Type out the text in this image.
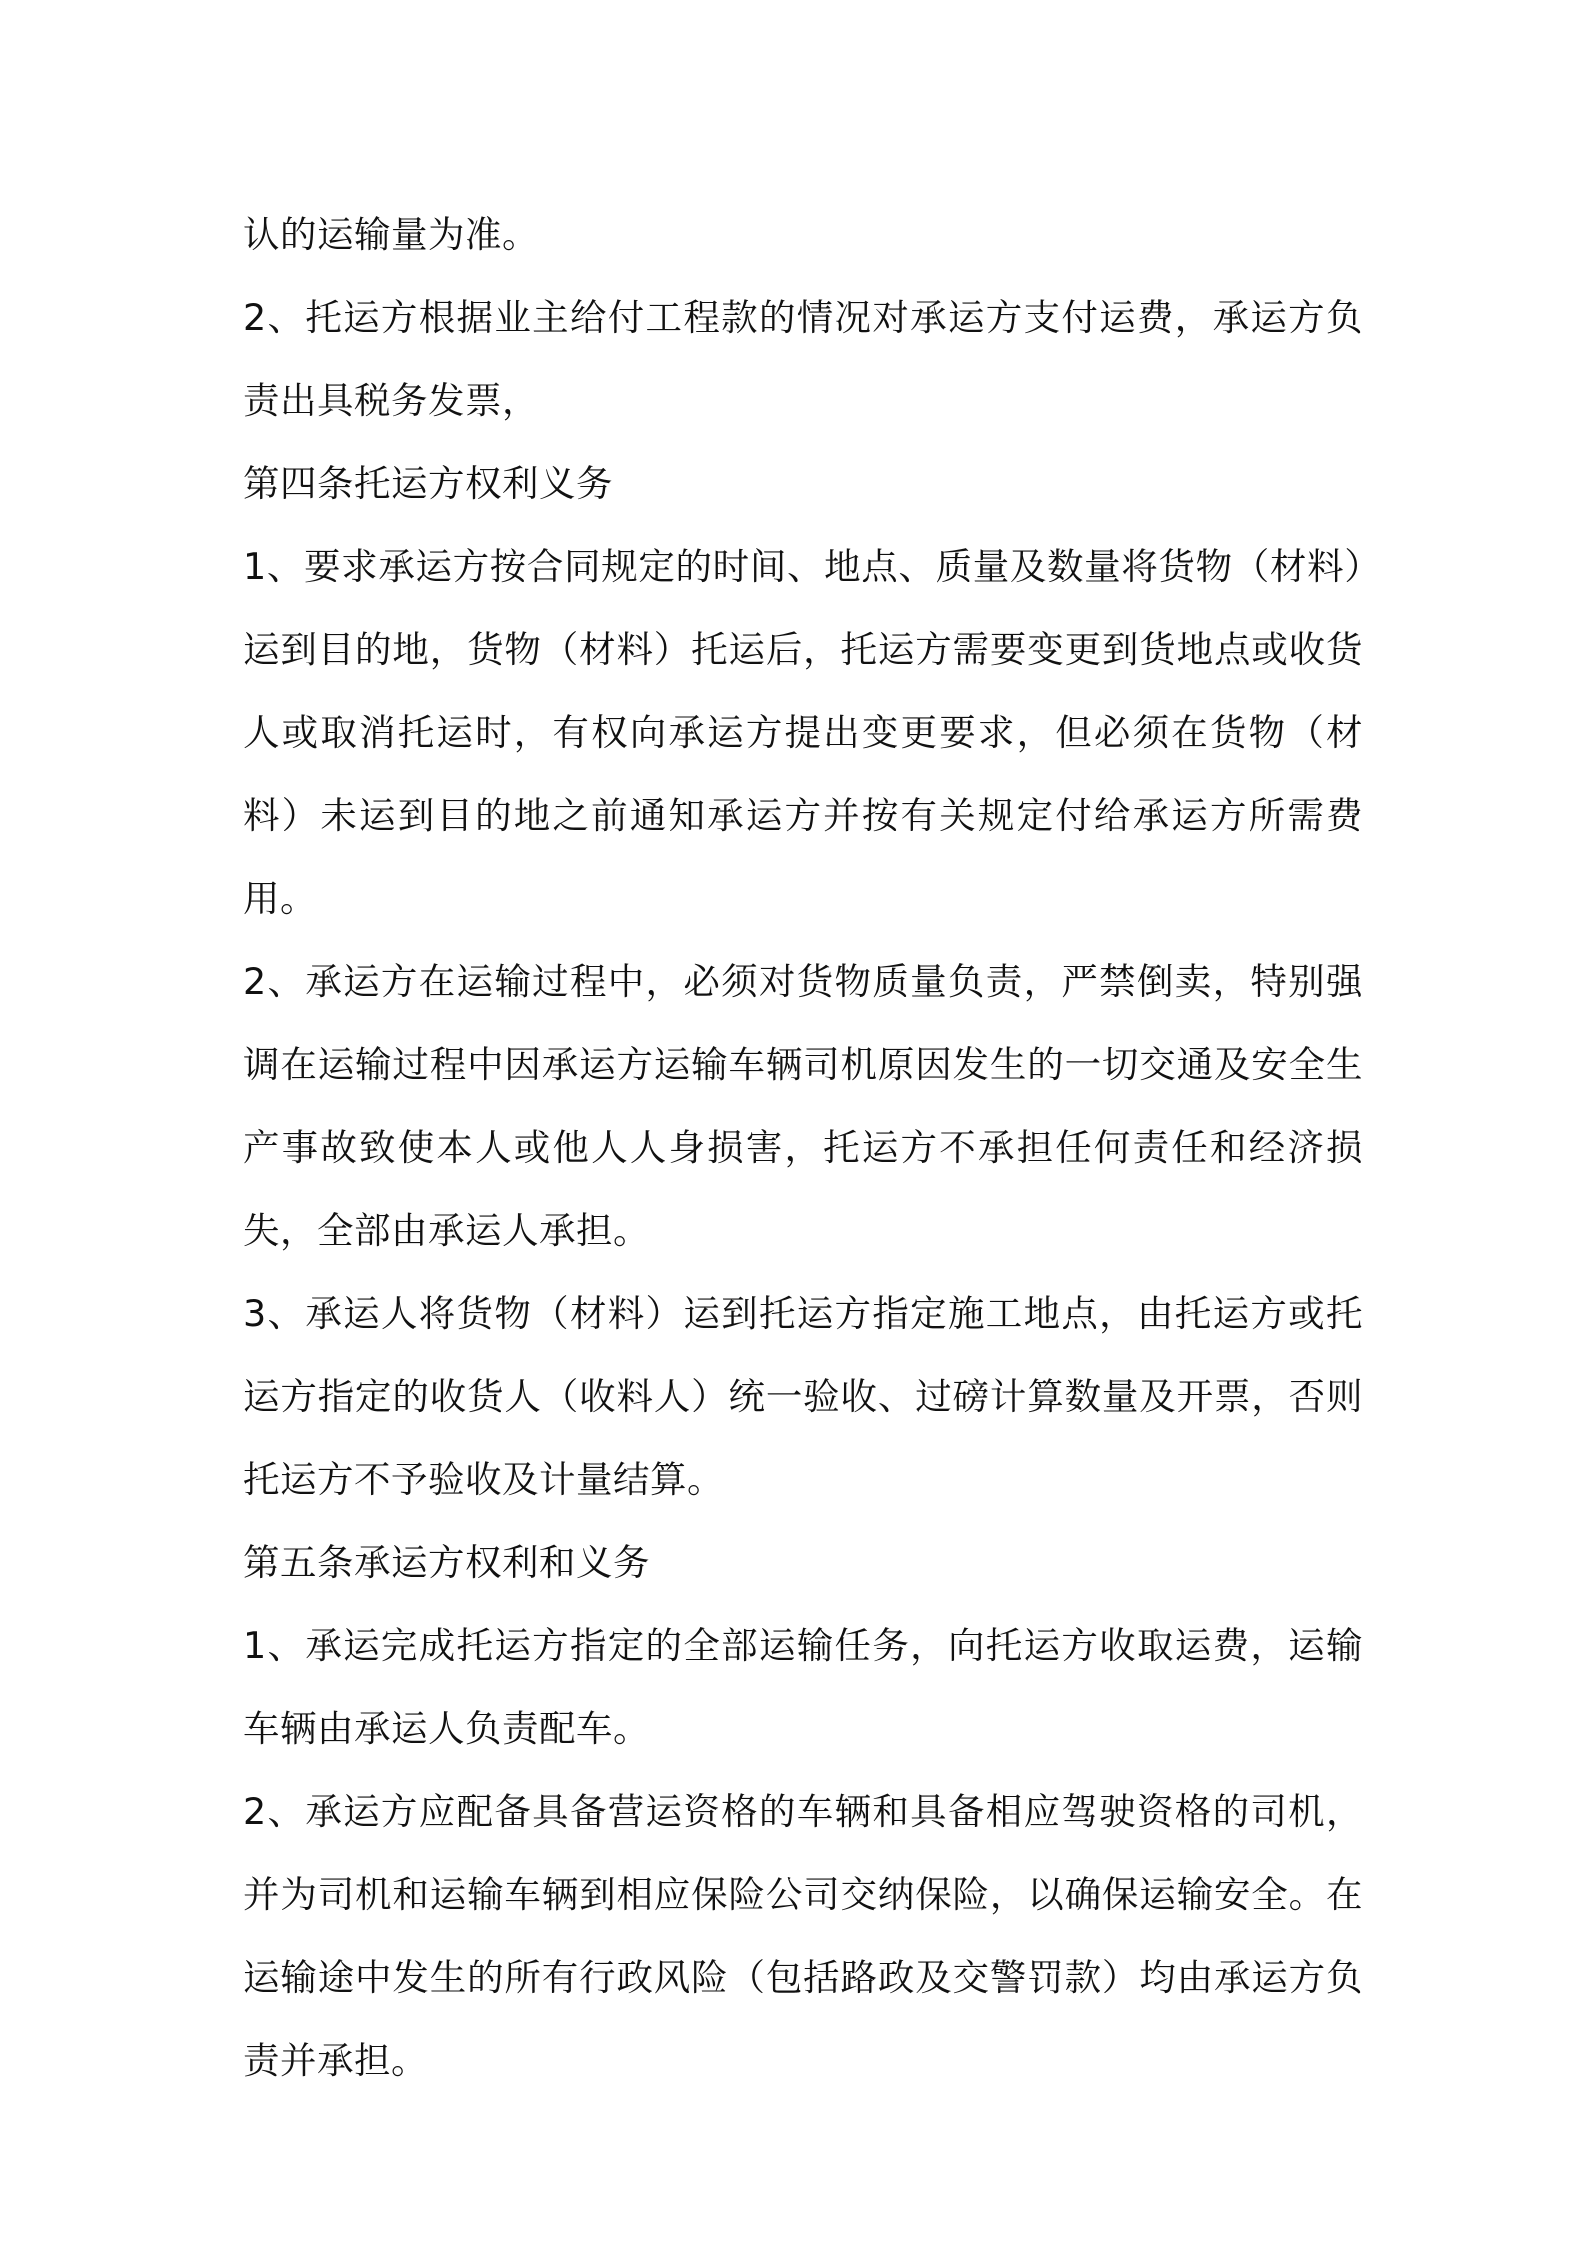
认的运输量为准。

2、托运方根据业主给付工程款的情况对承运方支付运费，承运方负责出具税务发票，

第四条托运方权利义务

1、要求承运方按合同规定的时间、地点、质量及数量将货物（材料）运到目的地，货物（材料）托运后，托运方需要变更到货地点或收货人或取消托运时，有权向承运方提出变更要求，但必须在货物（材料）未运到目的地之前通知承运方并按有关规定付给承运方所需费用。

2、承运方在运输过程中，必须对货物质量负责，严禁倒卖，特别强调在运输过程中因承运方运输车辆司机原因发生的一切交通及安全生产事故致使本人或他人人身损害，托运方不承担任何责任和经济损失，全部由承运人承担。

3、承运人将货物（材料）运到托运方指定施工地点，由托运方或托运方指定的收货人（收料人）统一验收、过磅计算数量及开票，否则托运方不予验收及计量结算。

第五条承运方权利和义务

1、承运完成托运方指定的全部运输任务，向托运方收取运费，运输车辆由承运人负责配车。

2、承运方应配备具备营运资格的车辆和具备相应驾驶资格的司机，并为司机和运输车辆到相应保险公司交纳保险，以确保运输安全。在运输途中发生的所有行政风险（包括路政及交警罚款）均由承运方负责并承担。
